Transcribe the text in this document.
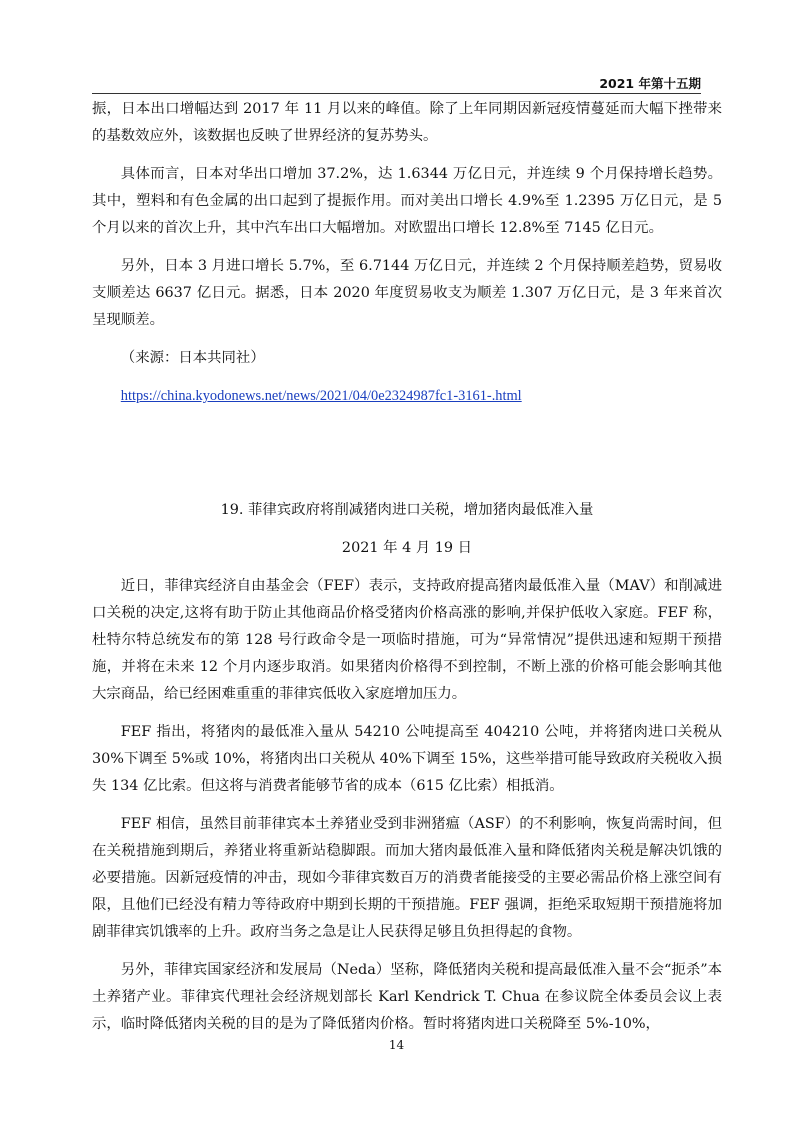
2021 年第十五期

振，日本出口增幅达到 2017 年 11 月以来的峰值。除了上年同期因新冠疫情蔓延而大幅下挫带来的基数效应外，该数据也反映了世界经济的复苏势头。

具体而言，日本对华出口增加 37.2%，达 1.6344 万亿日元，并连续 9 个月保持增长趋势。其中，塑料和有色金属的出口起到了提振作用。而对美出口增长 4.9%至 1.2395 万亿日元，是 5 个月以来的首次上升，其中汽车出口大幅增加。对欧盟出口增长 12.8%至 7145 亿日元。

另外，日本 3 月进口增长 5.7%，至 6.7144 万亿日元，并连续 2 个月保持顺差趋势，贸易收支顺差达 6637 亿日元。据悉，日本 2020 年度贸易收支为顺差 1.307 万亿日元，是 3 年来首次呈现顺差。

（来源：日本共同社）

https://china.kyodonews.net/news/2021/04/0e2324987fc1-3161-.html

19. 菲律宾政府将削减猪肉进口关税，增加猪肉最低准入量

2021 年 4 月 19 日

近日，菲律宾经济自由基金会（FEF）表示，支持政府提高猪肉最低准入量（MAV）和削减进口关税的决定,这将有助于防止其他商品价格受猪肉价格高涨的影响,并保护低收入家庭。FEF 称，杜特尔特总统发布的第 128 号行政命令是一项临时措施，可为“异常情况”提供迅速和短期干预措施，并将在未来 12 个月内逐步取消。如果猪肉价格得不到控制，不断上涨的价格可能会影响其他大宗商品，给已经困难重重的菲律宾低收入家庭增加压力。

FEF 指出，将猪肉的最低准入量从 54210 公吨提高至 404210 公吨，并将猪肉进口关税从 30%下调至 5%或 10%，将猪肉出口关税从 40%下调至 15%，这些举措可能导致政府关税收入损失 134 亿比索。但这将与消费者能够节省的成本（615 亿比索）相抵消。

FEF 相信，虽然目前菲律宾本土养猪业受到非洲猪瘟（ASF）的不利影响，恢复尚需时间，但在关税措施到期后，养猪业将重新站稳脚跟。而加大猪肉最低准入量和降低猪肉关税是解决饥饿的必要措施。因新冠疫情的冲击，现如今菲律宾数百万的消费者能接受的主要必需品价格上涨空间有限，且他们已经没有精力等待政府中期到长期的干预措施。FEF 强调，拒绝采取短期干预措施将加剧菲律宾饥饿率的上升。政府当务之急是让人民获得足够且负担得起的食物。

另外，菲律宾国家经济和发展局（Neda）坚称，降低猪肉关税和提高最低准入量不会“扼杀”本土养猪产业。菲律宾代理社会经济规划部长 Karl Kendrick T. Chua 在参议院全体委员会议上表示，临时降低猪肉关税的目的是为了降低猪肉价格。暂时将猪肉进口关税降至 5%-10%，

14
